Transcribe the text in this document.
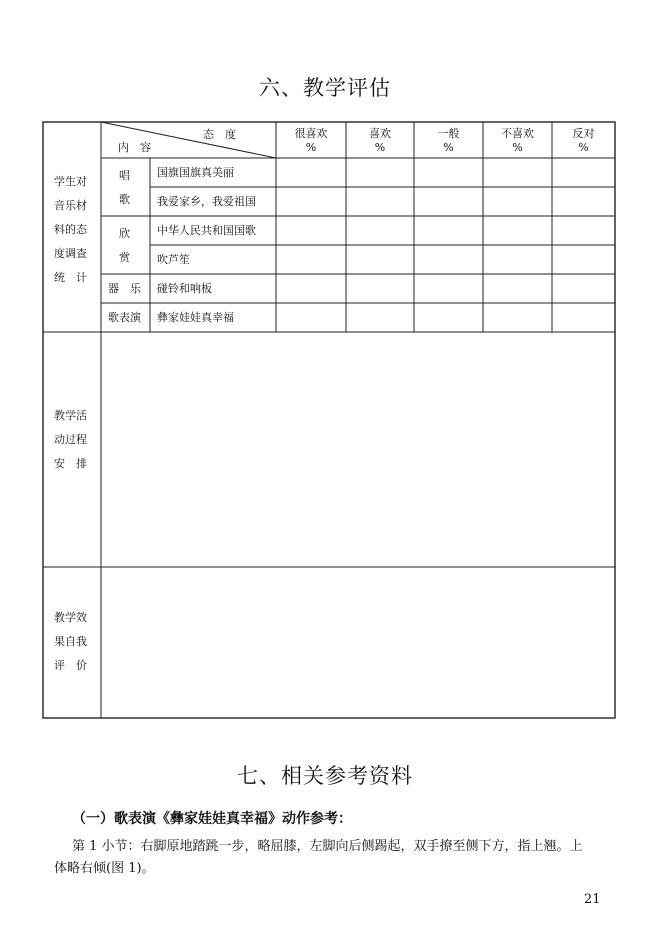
六、教学评估
态　度
内　容
很喜欢
%
喜欢
%
一般
%
不喜欢
%
反对
%
学生对
音乐材
料的态
度调查
统　计
教学活
动过程
安　排
教学效
果自我
评　价
唱
歌
欣
赏
器　乐
歌表演
国旗国旗真美丽
我爱家乡，我爱祖国
中华人民共和国国歌
吹芦笙
碰铃和响板
彝家娃娃真幸福
七、相关参考资料
（一）歌表演《彝家娃娃真幸福》动作参考：
第 1 小节：右脚原地踏跳一步，略屈膝，左脚向后侧踢起，双手撩至侧下方，指上翘。上
体略右倾(图 1)。
21
